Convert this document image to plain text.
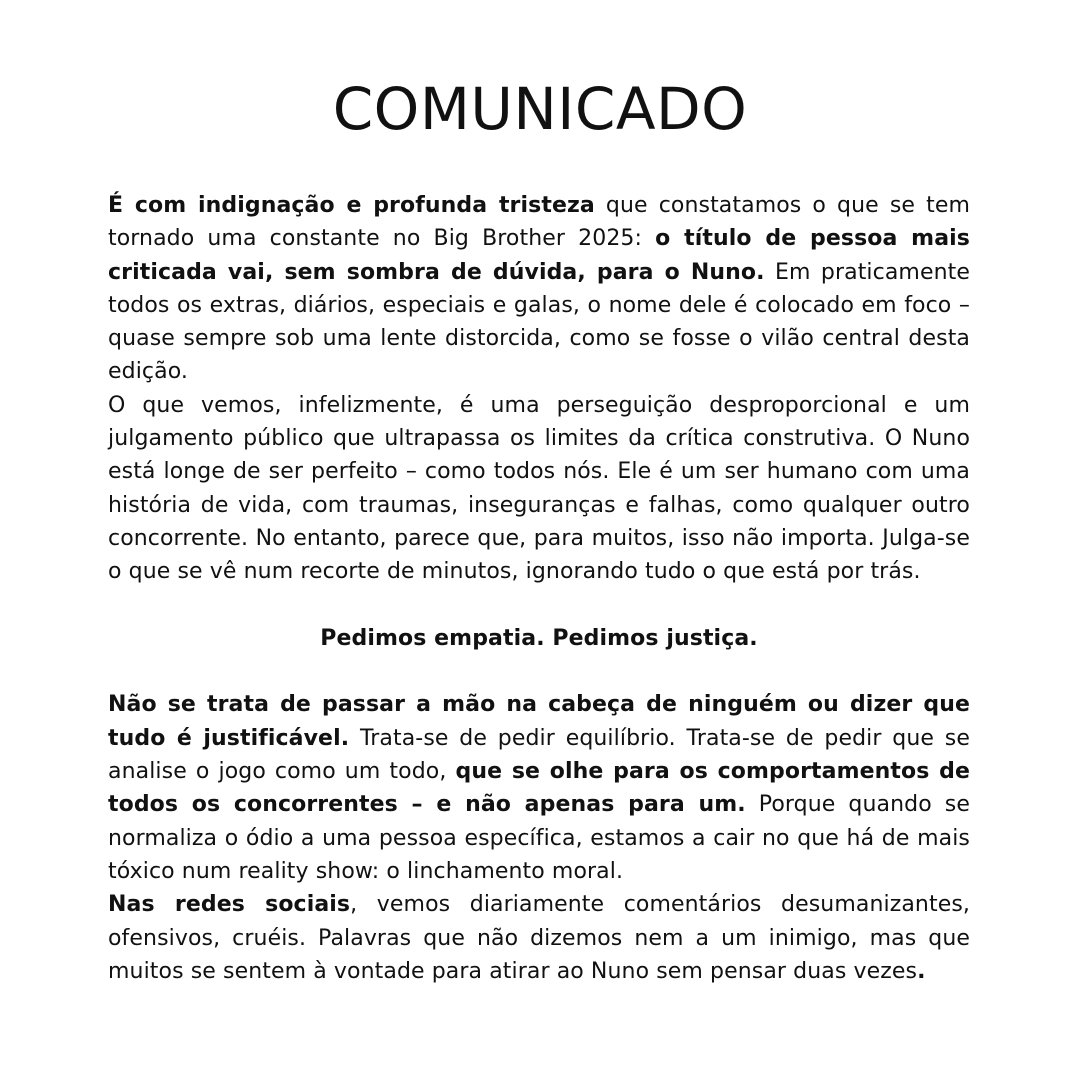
COMUNICADO

É com indignação e profunda tristeza que constatamos o que se tem tornado uma constante no Big Brother 2025: o título de pessoa mais criticada vai, sem sombra de dúvida, para o Nuno. Em praticamente todos os extras, diários, especiais e galas, o nome dele é colocado em foco – quase sempre sob uma lente distorcida, como se fosse o vilão central desta edição.

O que vemos, infelizmente, é uma perseguição desproporcional e um julgamento público que ultrapassa os limites da crítica construtiva. O Nuno está longe de ser perfeito – como todos nós. Ele é um ser humano com uma história de vida, com traumas, inseguranças e falhas, como qualquer outro concorrente. No entanto, parece que, para muitos, isso não importa. Julga-se o que se vê num recorte de minutos, ignorando tudo o que está por trás.

Pedimos empatia. Pedimos justiça.

Não se trata de passar a mão na cabeça de ninguém ou dizer que tudo é justificável. Trata-se de pedir equilíbrio. Trata-se de pedir que se analise o jogo como um todo, que se olhe para os comportamentos de todos os concorrentes – e não apenas para um. Porque quando se normaliza o ódio a uma pessoa específica, estamos a cair no que há de mais tóxico num reality show: o linchamento moral.

Nas redes sociais, vemos diariamente comentários desumanizantes, ofensivos, cruéis. Palavras que não dizemos nem a um inimigo, mas que muitos se sentem à vontade para atirar ao Nuno sem pensar duas vezes.
